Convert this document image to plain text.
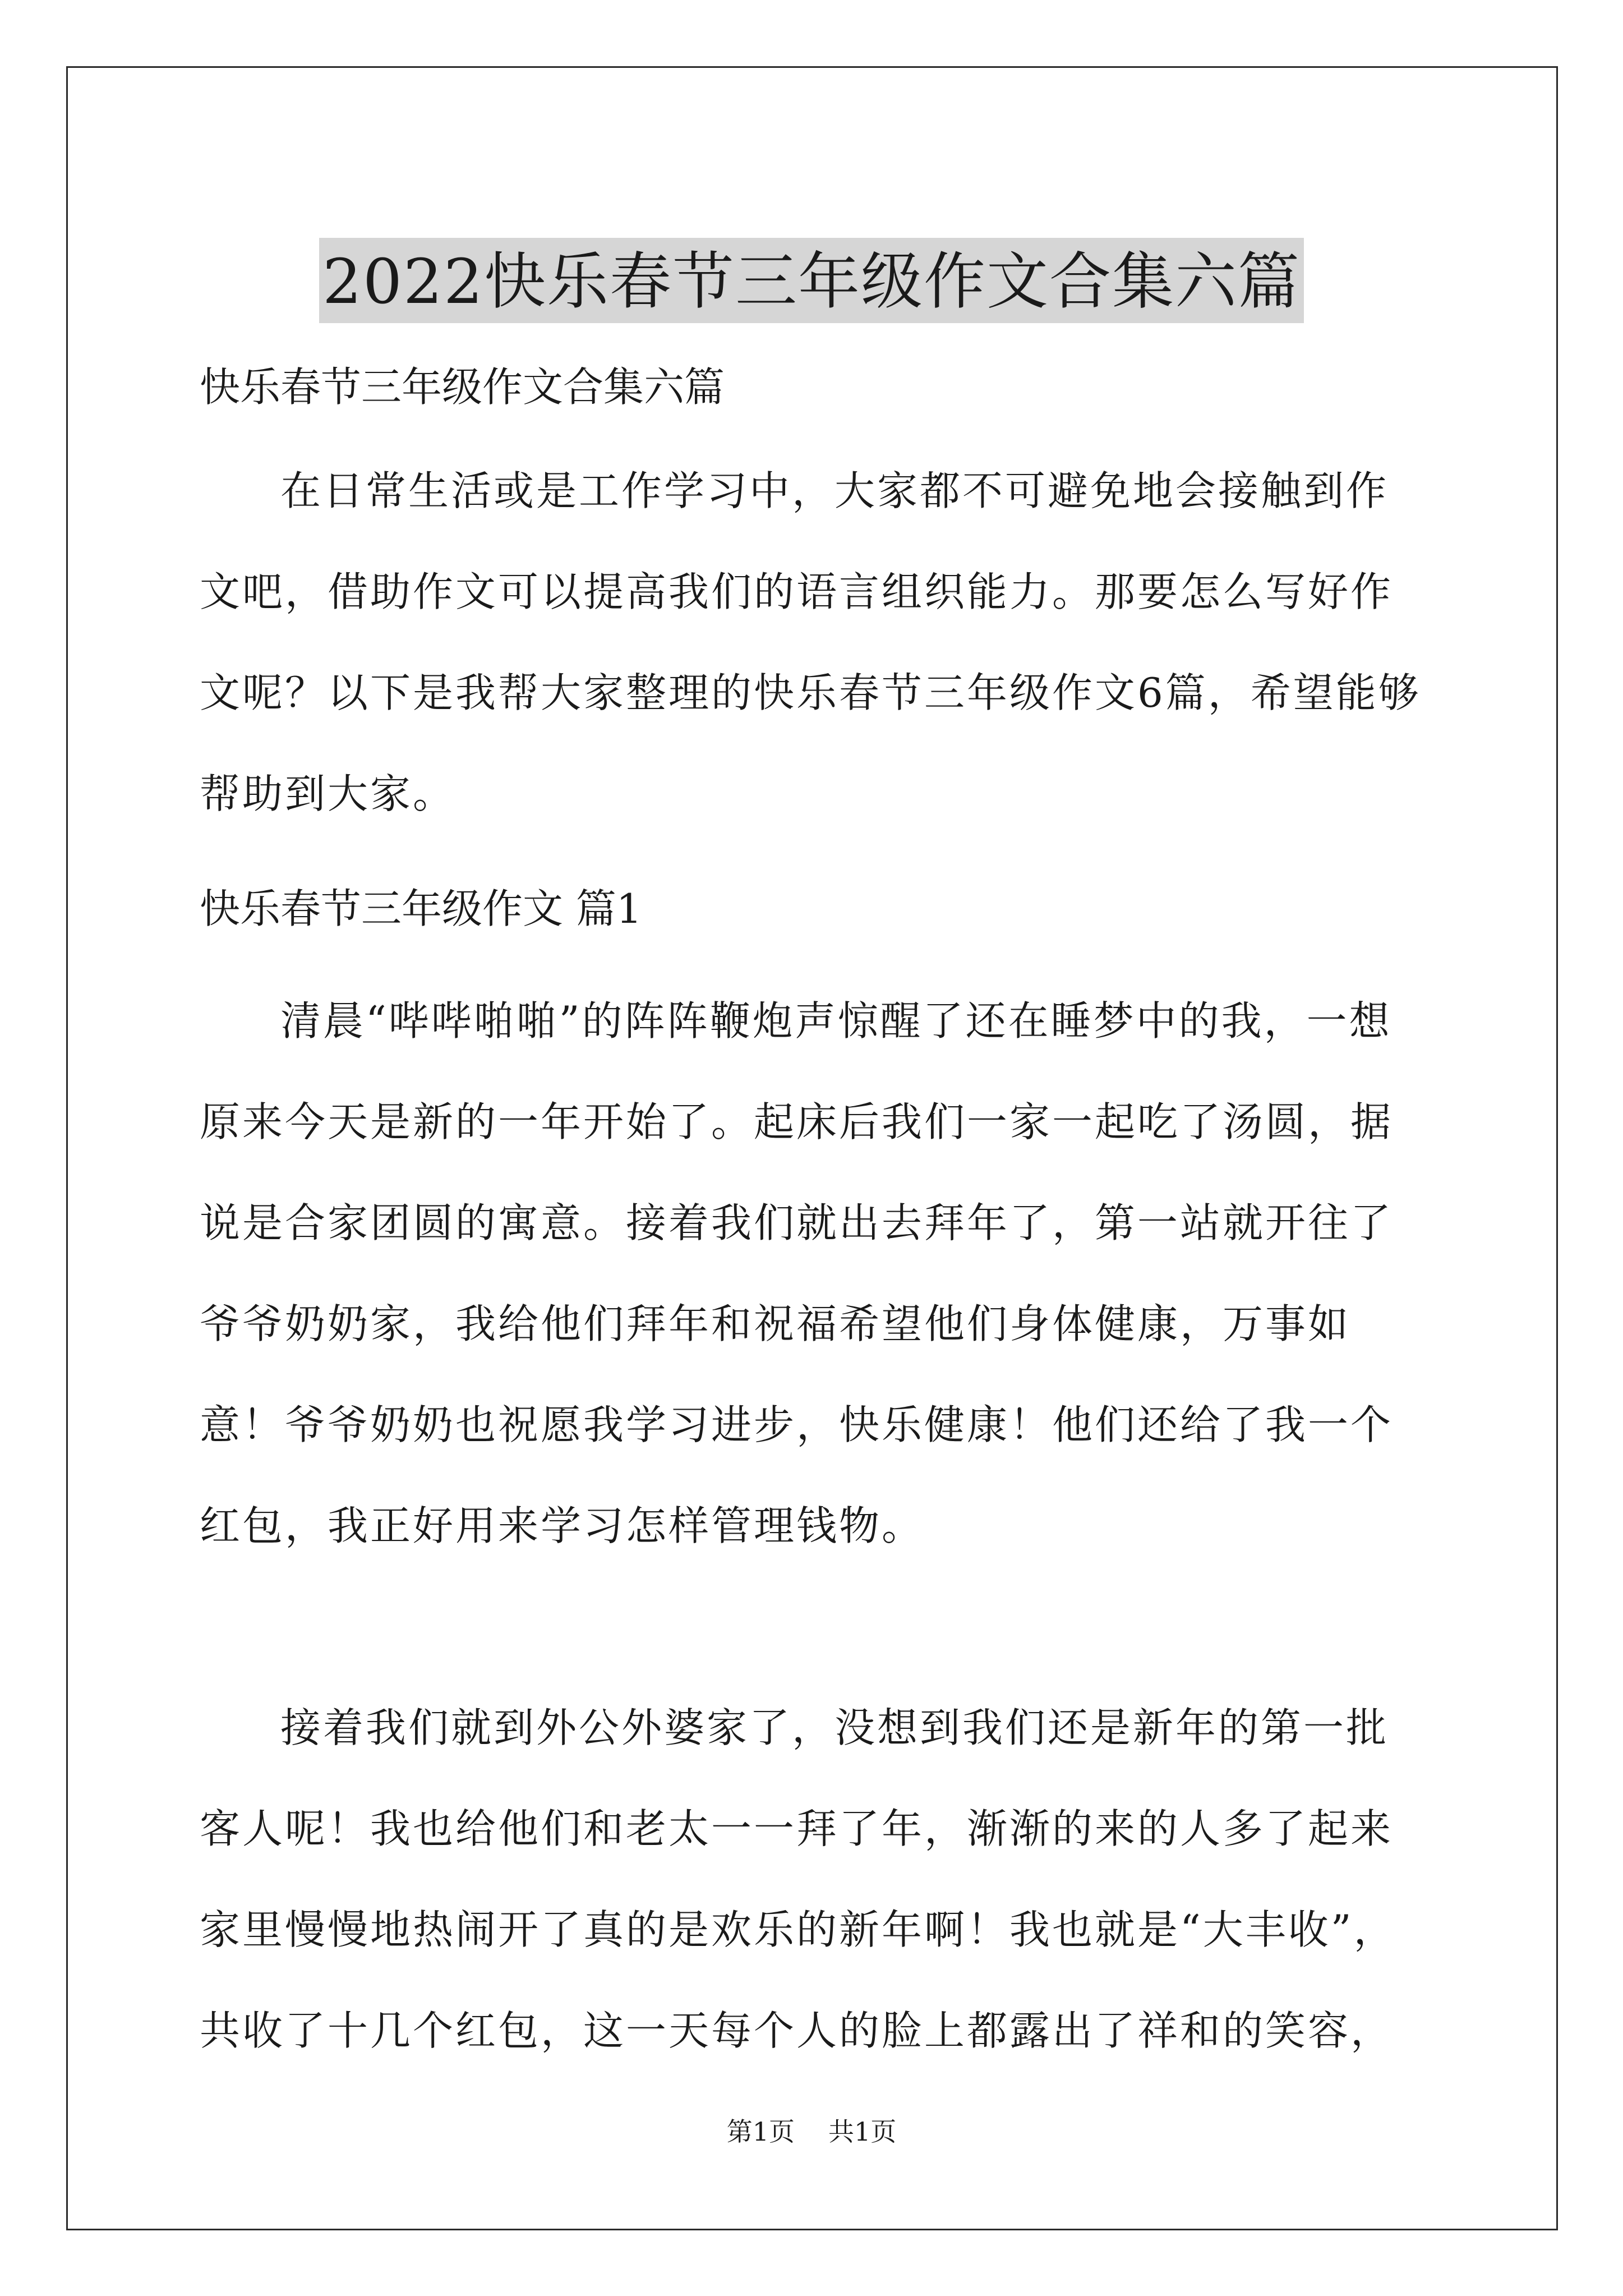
2022快乐春节三年级作文合集六篇

快乐春节三年级作文合集六篇

在日常生活或是工作学习中，大家都不可避免地会接触到作文吧，借助作文可以提高我们的语言组织能力。那要怎么写好作文呢？以下是我帮大家整理的快乐春节三年级作文6篇，希望能够帮助到大家。

快乐春节三年级作文 篇1

清晨“哔哔啪啪”的阵阵鞭炮声惊醒了还在睡梦中的我，一想原来今天是新的一年开始了。起床后我们一家一起吃了汤圆，据说是合家团圆的寓意。接着我们就出去拜年了，第一站就开往了爷爷奶奶家，我给他们拜年和祝福希望他们身体健康，万事如意！爷爷奶奶也祝愿我学习进步，快乐健康！他们还给了我一个红包，我正好用来学习怎样管理钱物。

接着我们就到外公外婆家了，没想到我们还是新年的第一批客人呢！我也给他们和老太一一拜了年，渐渐的来的人多了起来家里慢慢地热闹开了真的是欢乐的新年啊！我也就是“大丰收”，共收了十几个红包，这一天每个人的脸上都露出了祥和的笑容，

第1页 共1页
